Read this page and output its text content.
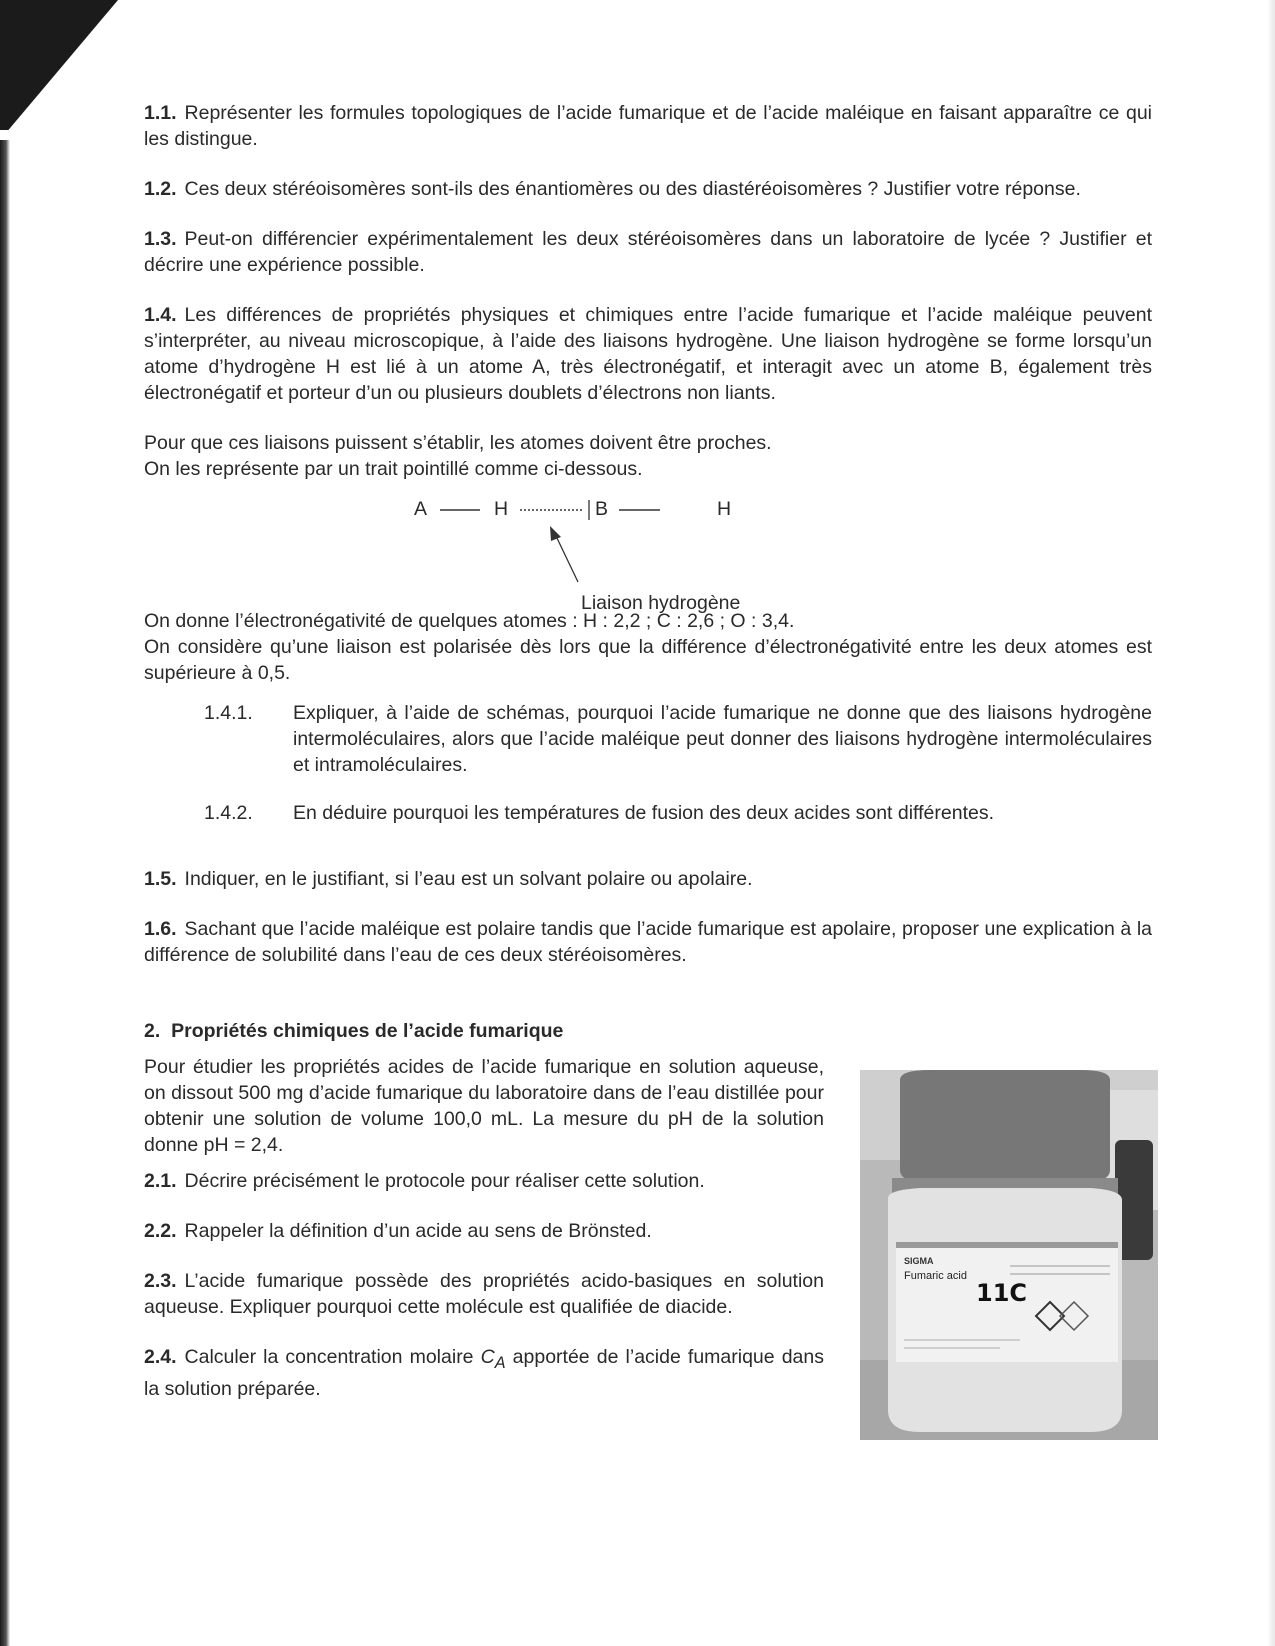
1.1. Représenter les formules topologiques de l’acide fumarique et de l’acide maléique en faisant apparaître ce qui les distingue.

1.2. Ces deux stéréoisomères sont-ils des énantiomères ou des diastéréoisomères ? Justifier votre réponse.

1.3. Peut-on différencier expérimentalement les deux stéréoisomères dans un laboratoire de lycée ? Justifier et décrire une expérience possible.

1.4. Les différences de propriétés physiques et chimiques entre l’acide fumarique et l’acide maléique peuvent s’interpréter, au niveau microscopique, à l’aide des liaisons hydrogène. Une liaison hydrogène se forme lorsqu’un atome d’hydrogène H est lié à un atome A, très électronégatif, et interagit avec un atome B, également très électronégatif et porteur d’un ou plusieurs doublets d’électrons non liants.

Pour que ces liaisons puissent s’établir, les atomes doivent être proches.

On les représente par un trait pointillé comme ci-dessous.

A	H	B	H
Liaison hydrogène

On donne l’électronégativité de quelques atomes : H : 2,2 ; C : 2,6 ; O : 3,4.

On considère qu’une liaison est polarisée dès lors que la différence d’électronégativité entre les deux atomes est supérieure à 0,5.

1.4.1.	Expliquer, à l’aide de schémas, pourquoi l’acide fumarique ne donne que des liaisons hydrogène intermoléculaires, alors que l’acide maléique peut donner des liaisons hydrogène intermoléculaires et intramoléculaires.
1.4.2.	En déduire pourquoi les températures de fusion des deux acides sont différentes.

1.5. Indiquer, en le justifiant, si l’eau est un solvant polaire ou apolaire.

1.6. Sachant que l’acide maléique est polaire tandis que l’acide fumarique est apolaire, proposer une explication à la différence de solubilité dans l’eau de ces deux stéréoisomères.

2. Propriétés chimiques de l’acide fumarique

Pour étudier les propriétés acides de l’acide fumarique en solution aqueuse, on dissout 500 mg d’acide fumarique du laboratoire dans de l’eau distillée pour obtenir une solution de volume 100,0 mL. La mesure du pH de la solution donne pH = 2,4.

2.1. Décrire précisément le protocole pour réaliser cette solution.

2.2. Rappeler la définition d’un acide au sens de Brönsted.

2.3. L’acide fumarique possède des propriétés acido-basiques en solution aqueuse. Expliquer pourquoi cette molécule est qualifiée de diacide.

2.4. Calculer la concentration molaire $C_A$ apportée de l’acide fumarique dans la solution préparée.

SIGMA
Fumaric acid
11C
